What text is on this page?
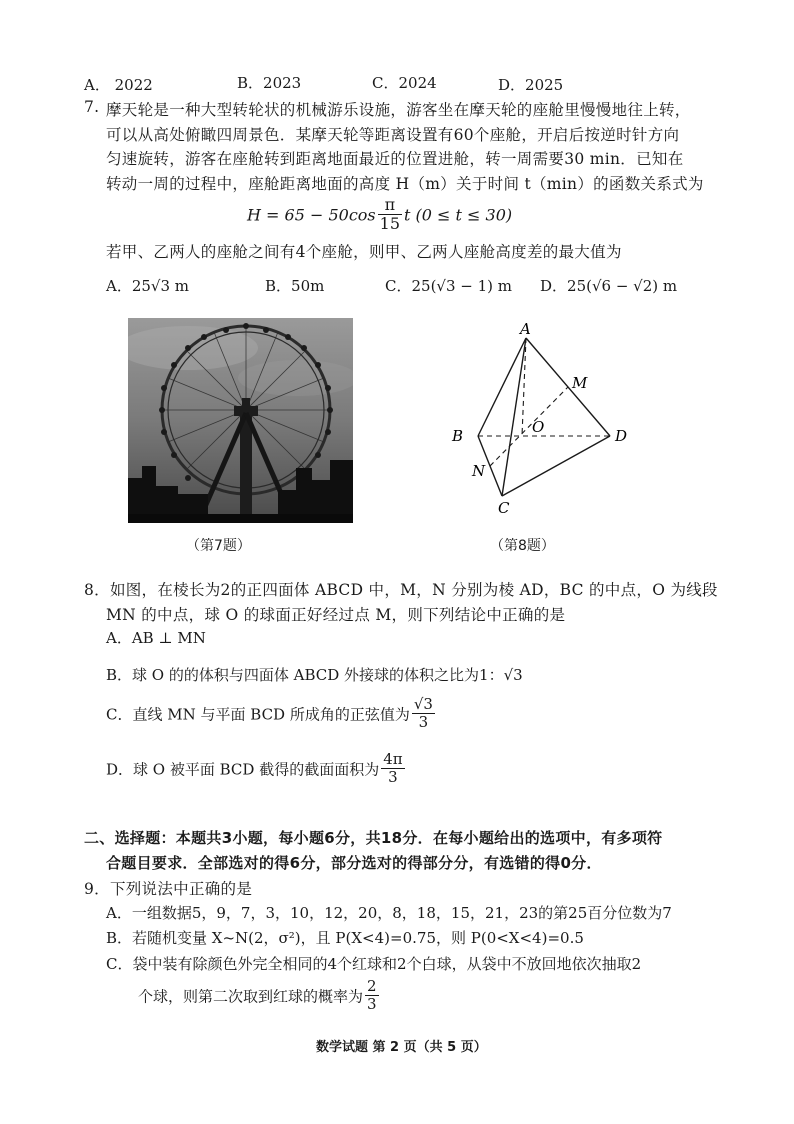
A． 2022	B．2023	C．2024	D．2025
7. 摩天轮是一种大型转轮状的机械游乐设施，游客坐在摩天轮的座舱里慢慢地往上转，
可以从高处俯瞰四周景色．某摩天轮等距离设置有60个座舱，开启后按逆时针方向
匀速旋转，游客在座舱转到距离地面最近的位置进舱，转一周需要30 min．已知在
转动一周的过程中，座舱距离地面的高度 H（m）关于时间 t（min）的函数关系式为
$H = 65 - 50\cos \frac{\pi}{15}$ t (0 ≤ t ≤ 30)
若甲、乙两人的座舱之间有4个座舱，则甲、乙两人座舱高度差的最大值为
A．25√3 m	B．50m	C．25(√3 − 1) m D．25(√6 − √2) m
（第7题）
A
B
C
D
M
N
O
（第8题）
8．如图，在棱长为2的正四面体 ABCD 中，M，N 分别为棱 AD，BC 的中点，O 为线段
MN 的中点，球 O 的球面正好经过点 M，则下列结论中正确的是
A．AB ⊥ MN
B．球 O 的的体积与四面体 ABCD 外接球的体积之比为1：√3
C．直线 MN 与平面 BCD 所成角的正弦值为 $\frac{√3}{3}$
D．球 O 被平面 BCD 截得的截面面积为 $\frac{4\pi}{3}$
二、选择题：本题共3小题，每小题6分，共18分．在每小题给出的选项中，有多项符
合题目要求．全部选对的得6分，部分选对的得部分分，有选错的得0分．
9．下列说法中正确的是
A．一组数据5，9，7，3，10，12，20，8，18，15，21，23的第25百分位数为7
B．若随机变量 X~N(2，σ²)，且 P(X<4)=0.75，则 P(0<X<4)=0.5
C．袋中装有除颜色外完全相同的4个红球和2个白球，从袋中不放回地依次抽取2
个球，则第二次取到红球的概率为 $\frac{2}{3}$
数学试题 第 2 页（共 5 页）
